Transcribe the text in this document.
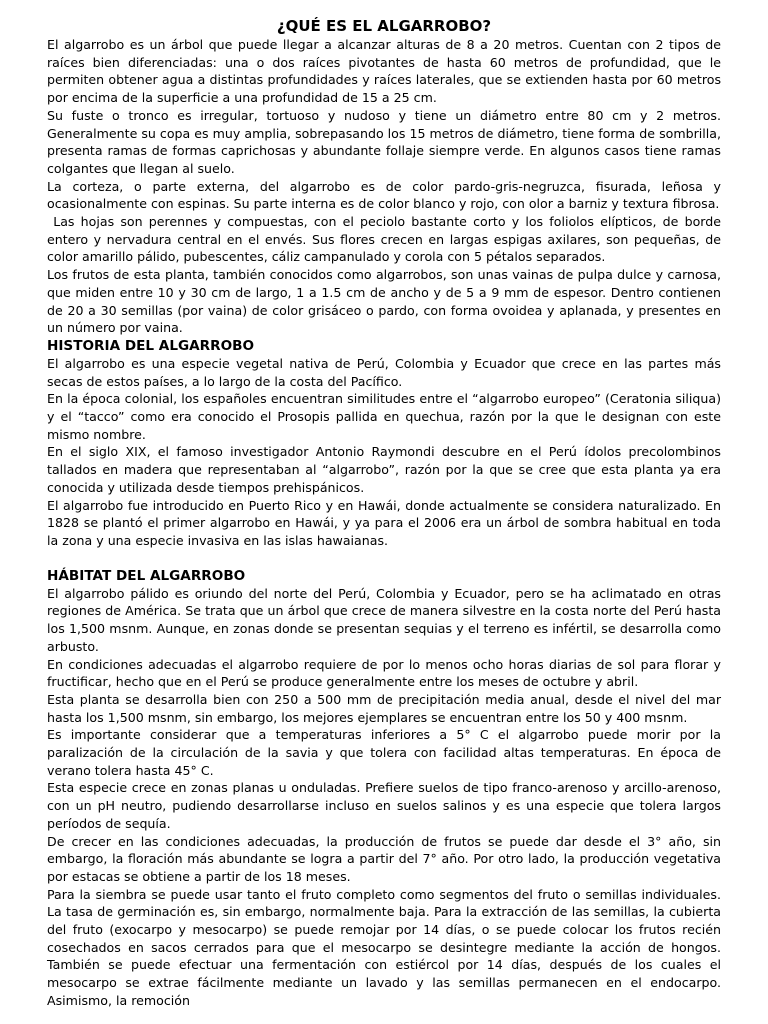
¿QUÉ ES EL ALGARROBO?

El algarrobo es un árbol que puede llegar a alcanzar alturas de 8 a 20 metros. Cuentan con 2 tipos de raíces bien diferenciadas: una o dos raíces pivotantes de hasta 60 metros de profundidad, que le permiten obtener agua a distintas profundidades y raíces laterales, que se extienden hasta por 60 metros por encima de la superficie a una profundidad de 15 a 25 cm.

Su fuste o tronco es irregular, tortuoso y nudoso y tiene un diámetro entre 80 cm y 2 metros. Generalmente su copa es muy amplia, sobrepasando los 15 metros de diámetro, tiene forma de sombrilla, presenta ramas de formas caprichosas y abundante follaje siempre verde. En algunos casos tiene ramas colgantes que llegan al suelo.

La corteza, o parte externa, del algarrobo es de color pardo-gris-negruzca, fisurada, leñosa y ocasionalmente con espinas. Su parte interna es de color blanco y rojo, con olor a barniz y textura fibrosa.

Las hojas son perennes y compuestas, con el peciolo bastante corto y los foliolos elípticos, de borde entero y nervadura central en el envés. Sus flores crecen en largas espigas axilares, son pequeñas, de color amarillo pálido, pubescentes, cáliz campanulado y corola con 5 pétalos separados.

Los frutos de esta planta, también conocidos como algarrobos, son unas vainas de pulpa dulce y carnosa, que miden entre 10 y 30 cm de largo, 1 a 1.5 cm de ancho y de 5 a 9 mm de espesor. Dentro contienen de 20 a 30 semillas (por vaina) de color grisáceo o pardo, con forma ovoidea y aplanada, y presentes en un número por vaina.

HISTORIA DEL ALGARROBO

El algarrobo es una especie vegetal nativa de Perú, Colombia y Ecuador que crece en las partes más secas de estos países, a lo largo de la costa del Pacífico.

En la época colonial, los españoles encuentran similitudes entre el “algarrobo europeo” (Ceratonia siliqua) y el “tacco” como era conocido el Prosopis pallida en quechua, razón por la que le designan con este mismo nombre.

En el siglo XIX, el famoso investigador Antonio Raymondi descubre en el Perú ídolos precolombinos tallados en madera que representaban al “algarrobo”, razón por la que se cree que esta planta ya era conocida y utilizada desde tiempos prehispánicos.

El algarrobo fue introducido en Puerto Rico y en Hawái, donde actualmente se considera naturalizado. En 1828 se plantó el primer algarrobo en Hawái, y ya para el 2006 era un árbol de sombra habitual en toda la zona y una especie invasiva en las islas hawaianas.

HÁBITAT DEL ALGARROBO

El algarrobo pálido es oriundo del norte del Perú, Colombia y Ecuador, pero se ha aclimatado en otras regiones de América. Se trata que un árbol que crece de manera silvestre en la costa norte del Perú hasta los 1,500 msnm. Aunque, en zonas donde se presentan sequias y el terreno es infértil, se desarrolla como arbusto.

En condiciones adecuadas el algarrobo requiere de por lo menos ocho horas diarias de sol para florar y fructificar, hecho que en el Perú se produce generalmente entre los meses de octubre y abril.

Esta planta se desarrolla bien con 250 a 500 mm de precipitación media anual, desde el nivel del mar hasta los 1,500 msnm, sin embargo, los mejores ejemplares se encuentran entre los 50 y 400 msnm.

Es importante considerar que a temperaturas inferiores a 5° C el algarrobo puede morir por la paralización de la circulación de la savia y que tolera con facilidad altas temperaturas. En época de verano tolera hasta 45° C.

Esta especie crece en zonas planas u onduladas. Prefiere suelos de tipo franco-arenoso y arcillo-arenoso, con un pH neutro, pudiendo desarrollarse incluso en suelos salinos y es una especie que tolera largos períodos de sequía.

De crecer en las condiciones adecuadas, la producción de frutos se puede dar desde el 3° año, sin embargo, la floración más abundante se logra a partir del 7° año. Por otro lado, la producción vegetativa por estacas se obtiene a partir de los 18 meses.

Para la siembra se puede usar tanto el fruto completo como segmentos del fruto o semillas individuales. La tasa de germinación es, sin embargo, normalmente baja. Para la extracción de las semillas, la cubierta del fruto (exocarpo y mesocarpo) se puede remojar por 14 días, o se puede colocar los frutos recién cosechados en sacos cerrados para que el mesocarpo se desintegre mediante la acción de hongos. También se puede efectuar una fermentación con estiércol por 14 días, después de los cuales el mesocarpo se extrae fácilmente mediante un lavado y las semillas permanecen en el endocarpo. Asimismo, la remoción
